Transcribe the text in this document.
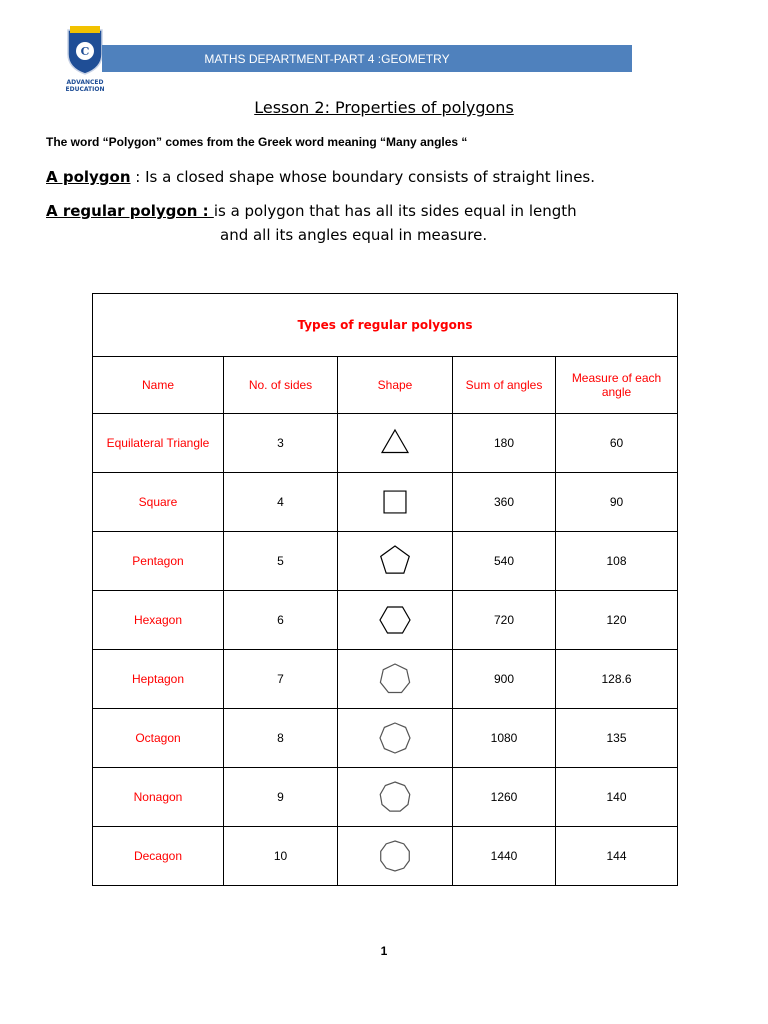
C
ADVANCED
EDUCATION
MATHS DEPARTMENT-PART 4 :GEOMETRY
Lesson 2: Properties of polygons
The word “Polygon” comes from the Greek word meaning “Many angles “
A polygon : Is a closed shape whose boundary consists of straight lines.
A regular polygon : is a polygon that has all its sides equal in length
and all its angles equal in measure.
Types of regular polygons				
Name	No. of sides	Shape	Sum of angles	Measure of each angle
Equilateral Triangle	3		180	60
Square	4		360	90
Pentagon	5		540	108
Hexagon	6		720	120
Heptagon	7		900	128.6
Octagon	8		1080	135
Nonagon	9		1260	140
Decagon	10		1440	144
1
